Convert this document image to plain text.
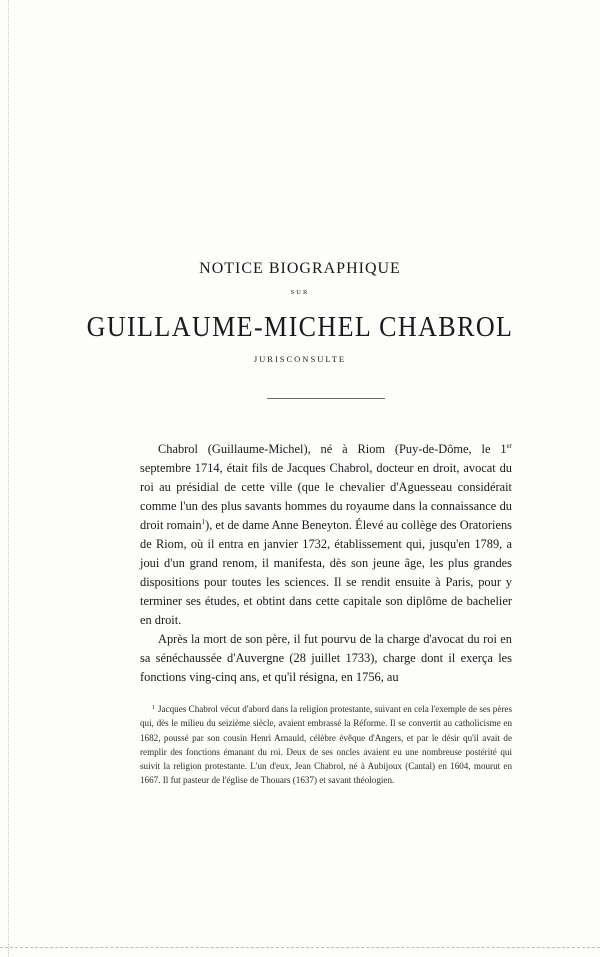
NOTICE BIOGRAPHIQUE
SUR
GUILLAUME-MICHEL CHABROL
JURISCONSULTE

Chabrol (Guillaume-Michel), né à Riom (Puy-de-Dôme, le 1er septembre 1714, était fils de Jacques Chabrol, docteur en droit, avocat du roi au présidial de cette ville (que le chevalier d'Aguesseau considérait comme l'un des plus savants hommes du royaume dans la connaissance du droit romain$^1$), et de dame Anne Beneyton. Élevé au collège des Oratoriens de Riom, où il entra en janvier 1732, établissement qui, jusqu'en 1789, a joui d'un grand renom, il manifesta, dès son jeune âge, les plus grandes dispositions pour toutes les sciences. Il se rendit ensuite à Paris, pour y terminer ses études, et obtint dans cette capitale son diplôme de bachelier en droit.

Après la mort de son père, il fut pourvu de la charge d'avocat du roi en sa sénéchaussée d'Auvergne (28 juillet 1733), charge dont il exerça les fonctions ving-cinq ans, et qu'il résigna, en 1756, au

$^1$ Jacques Chabrol vécut d'abord dans la religion protestante, suivant en cela l'exemple de ses pères qui, dès le milieu du seizième siècle, avaient embrassé la Réforme. Il se convertit au catholicisme en 1682, poussé par son cousin Henri Arnauld, célèbre évêque d'Angers, et par le désir qu'il avait de remplir des fonctions émanant du roi. Deux de ses oncles avaient eu une nombreuse postérité qui suivit la religion protestante. L'un d'eux, Jean Chabrol, né à Aubijoux (Cantal) en 1604, mourut en 1667. Il fut pasteur de l'église de Thouars (1637) et savant théologien.
